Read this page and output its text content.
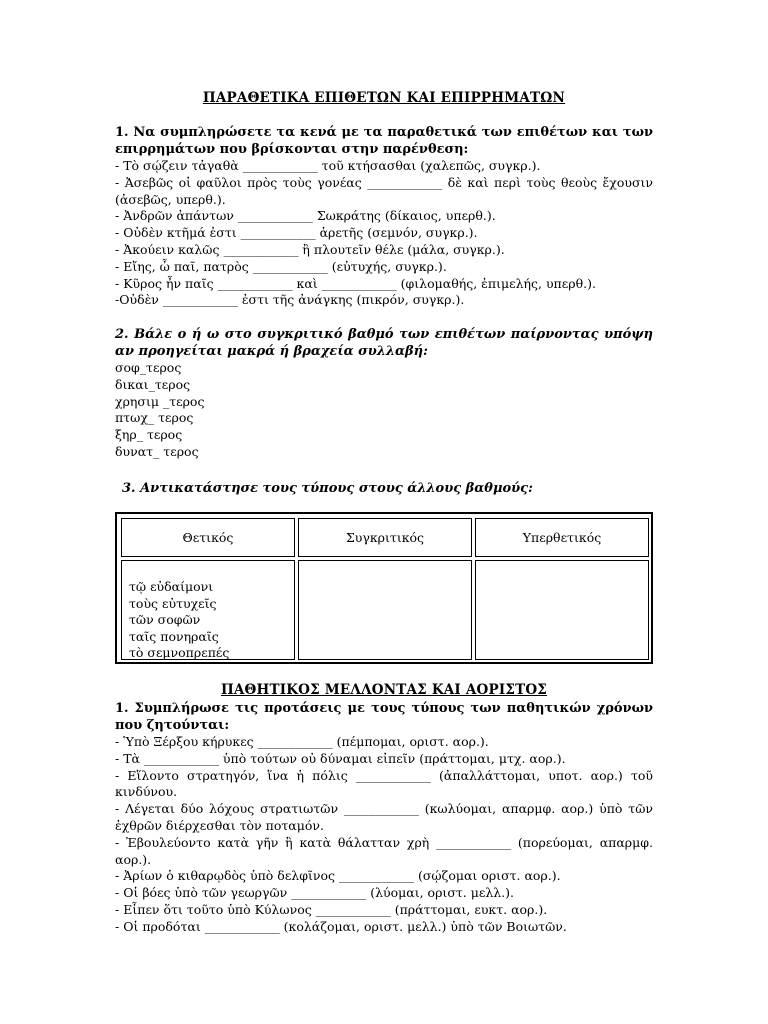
ΠΑΡΑΘΕΤΙΚΑ ΕΠΙΘΕΤΩΝ ΚΑΙ ΕΠΙΡΡΗΜΑΤΩΝ
1. Να συμπληρώσετε τα κενά με τα παραθετικά των επιθέτων και των επιρρημάτων που βρίσκονται στην παρένθεση:
- Τὸ σῴζειν τἀγαθὰ ____________ τοῦ κτήσασθαι (χαλεπῶς, συγκρ.).
- Ἀσεβῶς οἱ φαῦλοι πρὸς τοὺς γονέας ____________ δὲ καὶ περὶ τοὺς θεοὺς ἔχουσιν (ἀσεβῶς, υπερθ.).
- Ἀνδρῶν ἁπάντων ____________ Σωκράτης (δίκαιος, υπερθ.).
- Οὐδὲν κτῆμά ἐστι ____________ ἀρετῆς (σεμνόν, συγκρ.).
- Ἀκούειν καλῶς ____________ ἢ πλουτεῖν θέλε (μάλα, συγκρ.).
- Εἴης, ὦ παῖ, πατρὸς ____________ (εὐτυχής, συγκρ.).
- Κῦρος ἦν παῖς ____________ καὶ ____________ (φιλομαθής, ἐπιμελής, υπερθ.).
-Οὐδὲν ____________ ἐστι τῆς ἀνάγκης (πικρόν, συγκρ.).
2. Βάλε ο ή ω στο συγκριτικό βαθμό των επιθέτων παίρνοντας υπόψη αν προηγείται μακρά ή βραχεία συλλαβή:
σοφ_τερος
δικαι_τερος
χρησιμ _τερος
πτωχ_ τερος
ξηρ_ τερος
δυνατ_ τερος
3. Αντικατάστησε τους τύπους στους άλλους βαθμούς:
Θετικός	Συγκριτικός	Υπερθετικός
τῷ εὐδαίμονι
τοὺς εὐτυχεῖς
τῶν σοφῶν
ταῖς πονηραῖς
τὸ σεμνοπρεπές
ΠΑΘΗΤΙΚΟΣ ΜΕΛΛΟΝΤΑΣ ΚΑΙ ΑΟΡΙΣΤΟΣ
1. Συμπλήρωσε τις προτάσεις με τους τύπους των παθητικών χρόνων που ζητούνται:
- Ὑπὸ Ξέρξου κήρυκες ____________ (πέμπομαι, οριστ. αορ.).
- Τὰ ____________ ὑπὸ τούτων οὐ δύναμαι εἰπεῖν (πράττομαι, μτχ. αορ.).
- Εἵλοντο στρατηγόν, ἵνα ἡ πόλις ____________ (ἀπαλλάττομαι, υποτ. αορ.) τοῦ κινδύνου.
- Λέγεται δύο λόχους στρατιωτῶν ____________ (κωλύομαι, απαρμφ. αορ.) ὑπὸ τῶν ἐχθρῶν διέρχεσθαι τὸν ποταμόν.
- Ἐβουλεύοντο κατὰ γῆν ἢ κατὰ θάλατταν χρὴ ____________ (πορεύομαι, απαρμφ. αορ.).
- Ἀρίων ὁ κιθαρῳδὸς ὑπὸ δελφῖνος ____________ (σῴζομαι οριστ. αορ.).
- Οἱ βόες ὑπὸ τῶν γεωργῶν ____________ (λύομαι, οριστ. μελλ.).
- Εἶπεν ὅτι τοῦτο ὑπὸ Κύλωνος ____________ (πράττομαι, ευκτ. αορ.).
- Οἱ προδόται ____________ (κολάζομαι, οριστ. μελλ.) ὑπὸ τῶν Βοιωτῶν.
